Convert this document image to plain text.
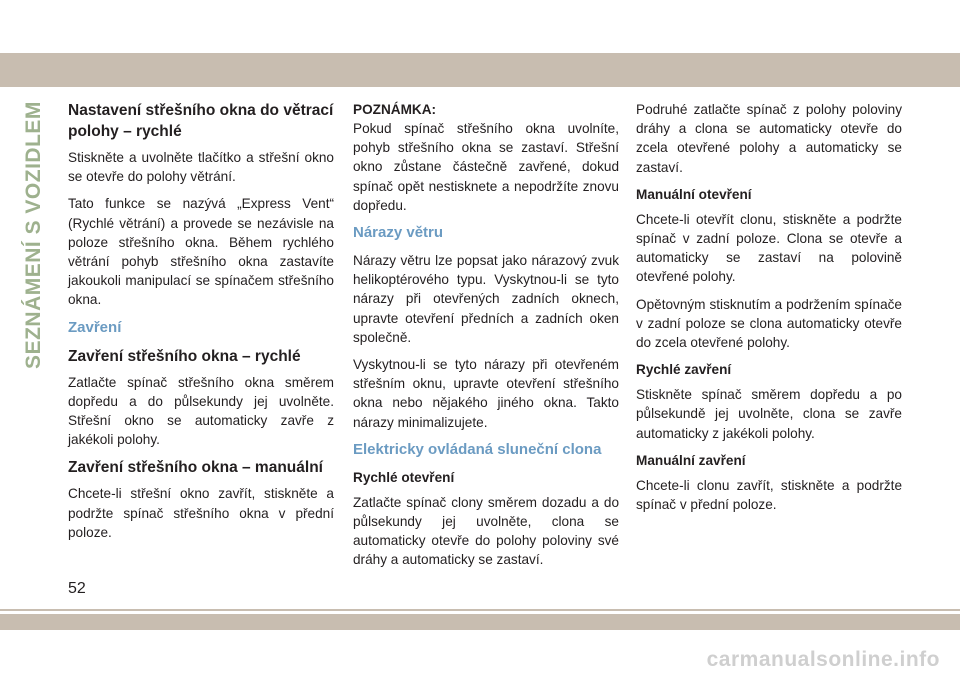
SEZNÁMENÍ S VOZIDLEM Nastavení střešního okna do větrací polohy – rychlé

Stiskněte a uvolněte tlačítko a střešní okno se otevře do polohy větrání.

Tato funkce se nazývá „Express Vent“ (Rychlé větrání) a provede se nezávisle na poloze střešního okna. Během rychlého větrání pohyb střešního okna zastavíte jakoukoli manipulací se spínačem střešního okna.

Zavření
Zavření střešního okna – rychlé

Zatlačte spínač střešního okna směrem dopředu a do půlsekundy jej uvolněte. Střešní okno se automaticky zavře z jakékoli polohy.

Zavření střešního okna – manuální

Chcete-li střešní okno zavřít, stiskněte a podržte spínač střešního okna v přední poloze.

POZNÁMKA:

Pokud spínač střešního okna uvolníte, pohyb střešního okna se zastaví. Střešní okno zůstane částečně zavřené, dokud spínač opět nestisknete a nepodržíte znovu dopředu.

Nárazy větru

Nárazy větru lze popsat jako nárazový zvuk helikoptérového typu. Vyskytnou-li se tyto nárazy při otevřených zadních oknech, upravte otevření předních a zadních oken společně.

Vyskytnou-li se tyto nárazy při otevřeném střešním oknu, upravte otevření střešního okna nebo nějakého jiného okna. Takto nárazy minimalizujete.

Elektricky ovládaná sluneční clona
Rychlé otevření

Zatlačte spínač clony směrem dozadu a do půlsekundy jej uvolněte, clona se automaticky otevře do polohy poloviny své dráhy a automaticky se zastaví.

Podruhé zatlačte spínač z polohy poloviny dráhy a clona se automaticky otevře do zcela otevřené polohy a automaticky se zastaví.

Manuální otevření

Chcete-li otevřít clonu, stiskněte a podržte spínač v zadní poloze. Clona se otevře a automaticky se zastaví na polovině otevřené polohy.

Opětovným stisknutím a podržením spínače v zadní poloze se clona automaticky otevře do zcela otevřené polohy.

Rychlé zavření

Stiskněte spínač směrem dopředu a po půlsekundě jej uvolněte, clona se zavře automaticky z jakékoli polohy.

Manuální zavření

Chcete-li clonu zavřít, stiskněte a podržte spínač v přední poloze.

52
carmanualsonline.info
